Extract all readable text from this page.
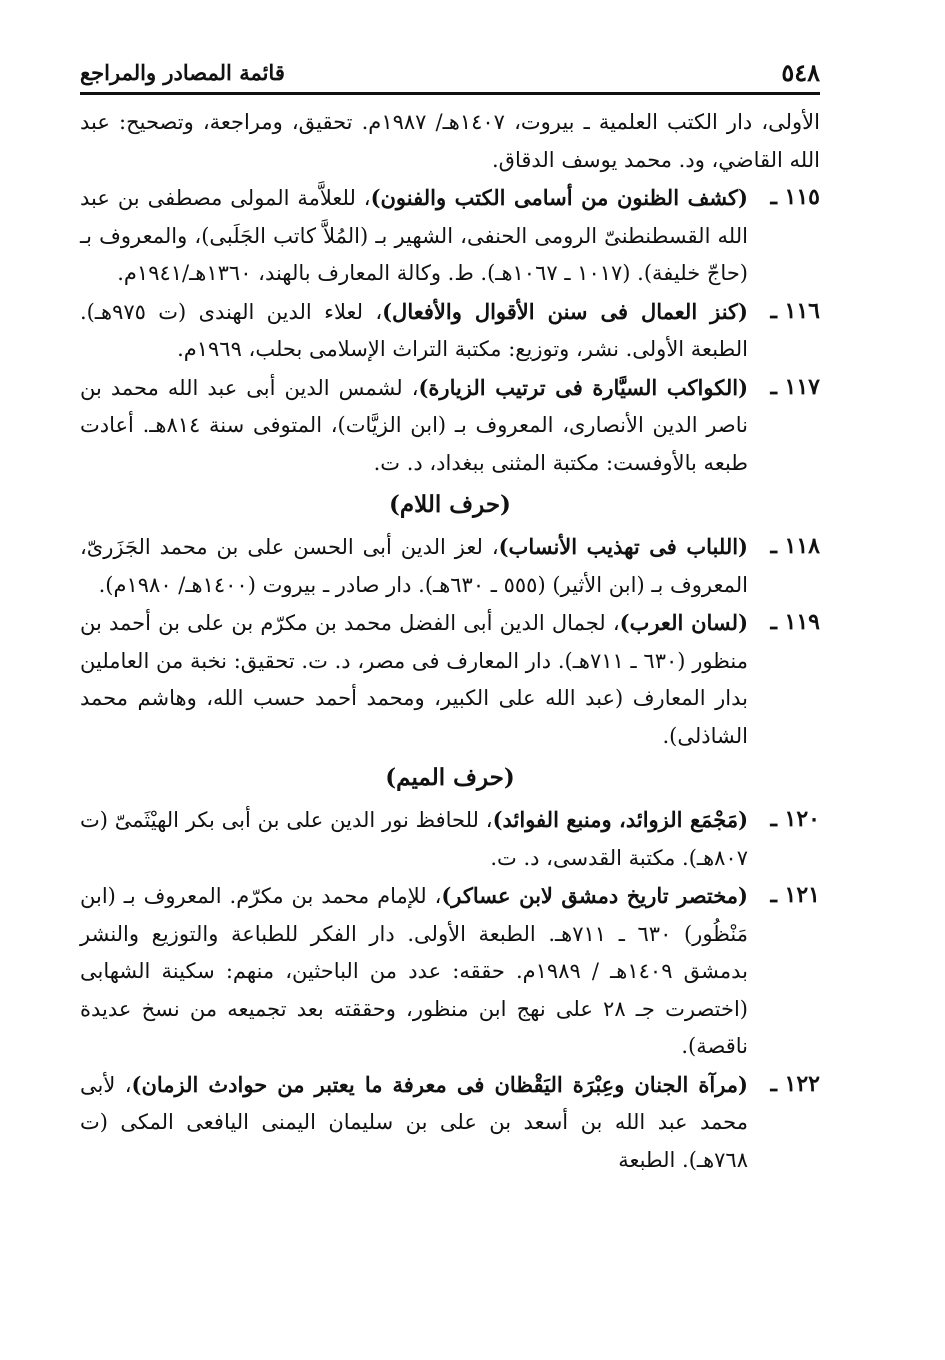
٥٤٨
قائمة المصادر والمراجع

الأولى، دار الكتب العلمية ـ بيروت، ١٤٠٧هـ/ ١٩٨٧م. تحقيق، ومراجعة، وتصحيح: عبد الله القاضي، ود. محمد يوسف الدقاق.

١١٥ ـ
(كشف الظنون من أسامى الكتب والفنون)، للعلاَّمة المولى مصطفى بن عبد الله القسطنطنىّ الرومى الحنفى، الشهير بـ (المُلاَّ كاتب الجَلَبى)، والمعروف بـ (حاجّ خليفة). (١٠١٧ ـ ١٠٦٧هـ). ط. وكالة المعارف بالهند، ١٣٦٠هـ/١٩٤١م.

١١٦ ـ
(كنز العمال فى سنن الأقوال والأفعال)، لعلاء الدين الهندى (ت ٩٧٥هـ). الطبعة الأولى. نشر، وتوزيع: مكتبة التراث الإسلامى بحلب، ١٩٦٩م.

١١٧ ـ
(الكواكب السيَّارة فى ترتيب الزيارة)، لشمس الدين أبى عبد الله محمد بن ناصر الدين الأنصارى، المعروف بـ (ابن الزيَّات)، المتوفى سنة ٨١٤هـ. أعادت طبعه بالأوفست: مكتبة المثنى ببغداد، د. ت.

(حرف اللام)

١١٨ ـ
(اللباب فى تهذيب الأنساب)، لعز الدين أبى الحسن على بن محمد الجَزَرىّ، المعروف بـ (ابن الأثير) (٥٥٥ ـ ٦٣٠هـ). دار صادر ـ بيروت (١٤٠٠هـ/ ١٩٨٠م).

١١٩ ـ
(لسان العرب)، لجمال الدين أبى الفضل محمد بن مكرّم بن على بن أحمد بن منظور (٦٣٠ ـ ٧١١هـ). دار المعارف فى مصر، د. ت. تحقيق: نخبة من العاملين بدار المعارف (عبد الله على الكبير، ومحمد أحمد حسب الله، وهاشم محمد الشاذلى).

(حرف الميم)

١٢٠ ـ
(مَجْمَع الزوائد، ومنبع الفوائد)، للحافظ نور الدين على بن أبى بكر الهيْثَمىّ (ت ٨٠٧هـ). مكتبة القدسى، د. ت.

١٢١ ـ
(مختصر تاريخ دمشق لابن عساكر)، للإمام محمد بن مكرّم. المعروف بـ (ابن مَنْظُور) ٦٣٠ ـ ٧١١هـ. الطبعة الأولى. دار الفكر للطباعة والتوزيع والنشر بدمشق ١٤٠٩هـ / ١٩٨٩م. حققه: عدد من الباحثين، منهم: سكينة الشهابى (اختصرت جـ ٢٨ على نهج ابن منظور، وحققته بعد تجميعه من نسخ عديدة ناقصة).

١٢٢ ـ
(مرآة الجنان وعِبْرَة اليَقْظان فى معرفة ما يعتبر من حوادث الزمان)، لأبى محمد عبد الله بن أسعد بن على بن سليمان اليمنى اليافعى المكى (ت ٧٦٨هـ). الطبعة
